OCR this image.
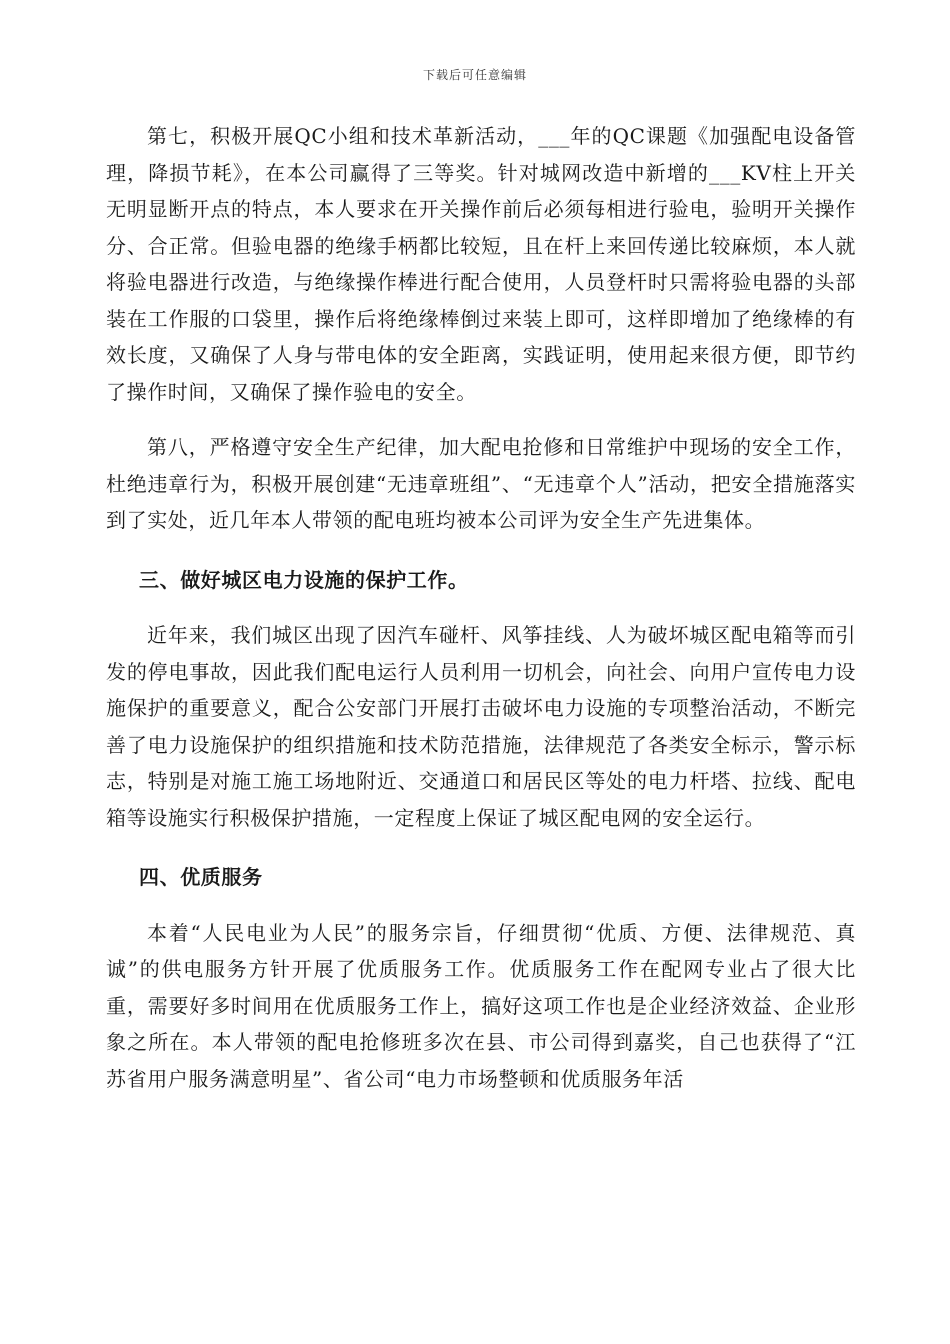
下载后可任意编辑

第七，积极开展QC小组和技术革新活动，___年的QC课题《加强配电设备管理，降损节耗》，在本公司赢得了三等奖。针对城网改造中新增的___KV柱上开关无明显断开点的特点，本人要求在开关操作前后必须每相进行验电，验明开关操作分、合正常。但验电器的绝缘手柄都比较短，且在杆上来回传递比较麻烦，本人就将验电器进行改造，与绝缘操作棒进行配合使用，人员登杆时只需将验电器的头部装在工作服的口袋里，操作后将绝缘棒倒过来装上即可，这样即增加了绝缘棒的有效长度，又确保了人身与带电体的安全距离，实践证明，使用起来很方便，即节约了操作时间，又确保了操作验电的安全。

第八，严格遵守安全生产纪律，加大配电抢修和日常维护中现场的安全工作，杜绝违章行为，积极开展创建“无违章班组”、“无违章个人”活动，把安全措施落实到了实处，近几年本人带领的配电班均被本公司评为安全生产先进集体。

三、做好城区电力设施的保护工作。

近年来，我们城区出现了因汽车碰杆、风筝挂线、人为破坏城区配电箱等而引发的停电事故，因此我们配电运行人员利用一切机会，向社会、向用户宣传电力设施保护的重要意义，配合公安部门开展打击破坏电力设施的专项整治活动，不断完善了电力设施保护的组织措施和技术防范措施，法律规范了各类安全标示，警示标志，特别是对施工施工场地附近、交通道口和居民区等处的电力杆塔、拉线、配电箱等设施实行积极保护措施，一定程度上保证了城区配电网的安全运行。

四、优质服务

本着“人民电业为人民”的服务宗旨，仔细贯彻“优质、方便、法律规范、真诚”的供电服务方针开展了优质服务工作。优质服务工作在配网专业占了很大比重，需要好多时间用在优质服务工作上，搞好这项工作也是企业经济效益、企业形象之所在。本人带领的配电抢修班多次在县、市公司得到嘉奖，自己也获得了“江苏省用户服务满意明星”、省公司“电力市场整顿和优质服务年活
